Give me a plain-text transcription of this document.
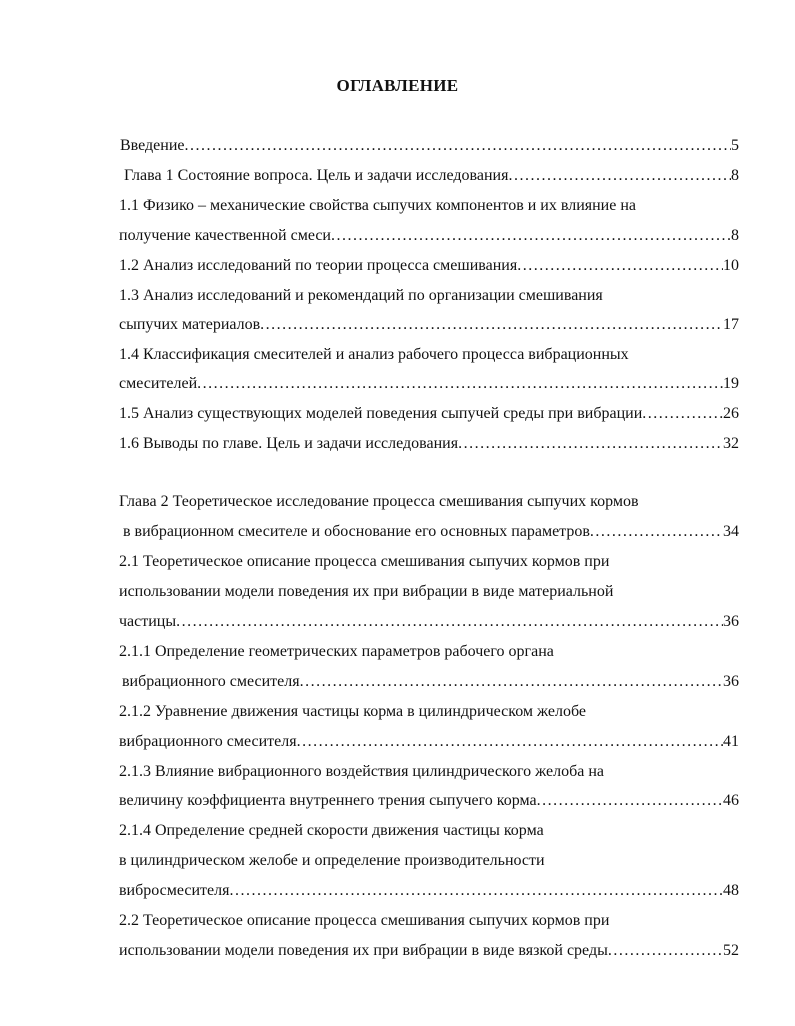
ОГЛАВЛЕНИЕ
Введение .....	5
Глава 1 Состояние вопроса. Цель и задачи исследования .....	8
1.1 Физико – механические свойства сыпучих компонентов и их влияние на
получение качественной смеси .....	8
1.2 Анализ исследований по теории процесса смешивания .....	10
1.3 Анализ исследований и рекомендаций по организации смешивания
сыпучих материалов .....	17
1.4 Классификация смесителей и анализ рабочего процесса вибрационных
смесителей .....	19
1.5 Анализ существующих моделей поведения сыпучей среды при вибрации .....	26
1.6 Выводы по главе. Цель и задачи исследования .....	32
Глава 2 Теоретическое исследование процесса смешивания сыпучих кормов
в вибрационном смесителе и обоснование его основных параметров .....	34
2.1 Теоретическое описание процесса смешивания сыпучих кормов при
использовании модели поведения их при вибрации в виде материальной
частицы .....	36
2.1.1 Определение геометрических параметров рабочего органа
вибрационного смесителя .....	36
2.1.2 Уравнение движения частицы корма в цилиндрическом желобе
вибрационного смесителя .....	41
2.1.3 Влияние вибрационного воздействия цилиндрического желоба на
величину коэффициента внутреннего трения сыпучего корма .....	46
2.1.4 Определение средней скорости движения частицы корма
в цилиндрическом желобе и определение производительности
вибросмесителя .....	48
2.2 Теоретическое описание процесса смешивания сыпучих кормов при
использовании модели поведения их при вибрации в виде вязкой среды .....	52
